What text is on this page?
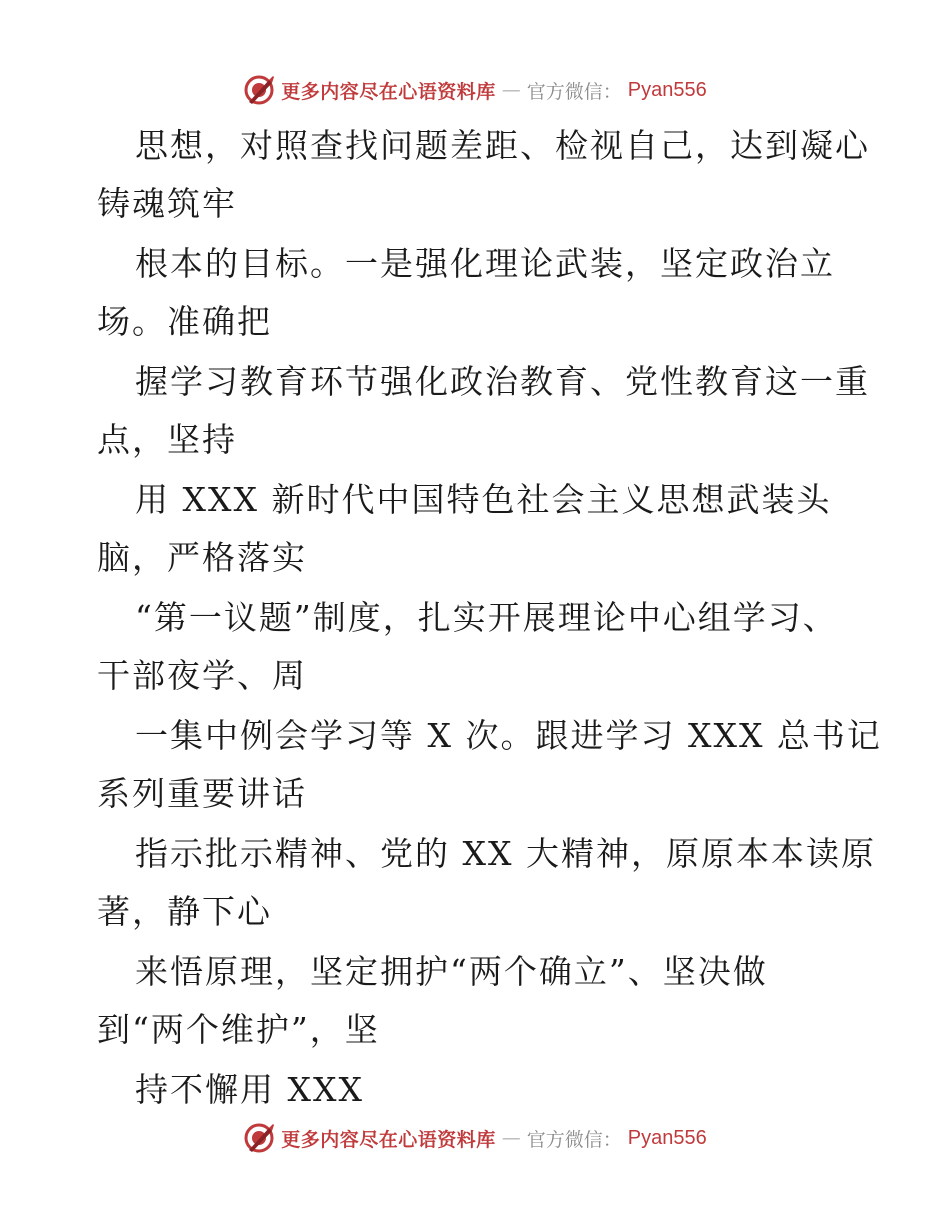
更多内容尽在心语资料库 — 官方微信： Pyan556
思想，对照查找问题差距、检视自己，达到凝心
铸魂筑牢
根本的目标。一是强化理论武装，坚定政治立
场。准确把
握学习教育环节强化政治教育、党性教育这一重
点，坚持
用 XXX 新时代中国特色社会主义思想武装头
脑，严格落实
“第一议题”制度，扎实开展理论中心组学习、
干部夜学、周
一集中例会学习等 X 次。跟进学习 XXX 总书记
系列重要讲话
指示批示精神、党的 XX 大精神，原原本本读原
著，静下心
来悟原理，坚定拥护“两个确立”、坚决做
到“两个维护”，坚
持不懈用 XXX
更多内容尽在心语资料库 — 官方微信： Pyan556
